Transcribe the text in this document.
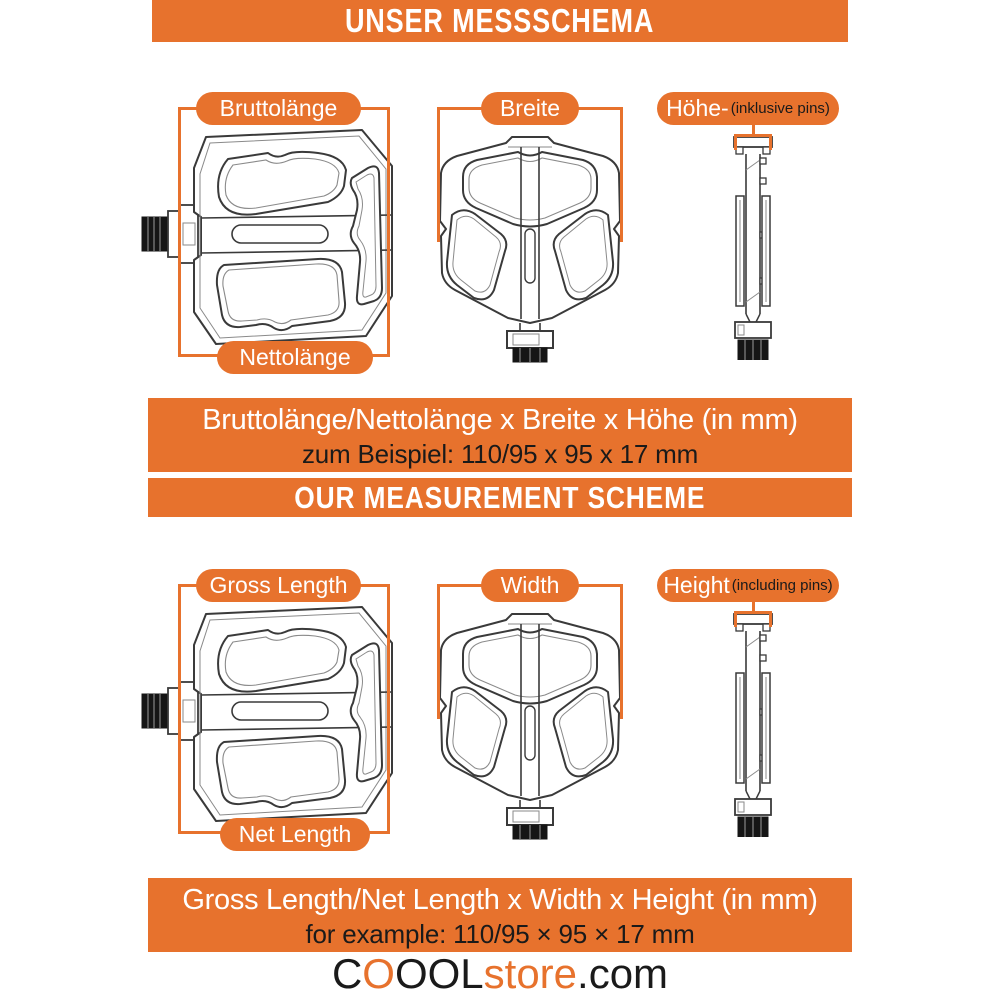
UNSER MESSSCHEMA
Bruttolänge
Nettolänge
Breite	Höhe- (inklusive pins)
Bruttolänge/Nettolänge x Breite x Höhe (in mm)
zum Beispiel: 110/95 x 95 x 17 mm
OUR MEASUREMENT SCHEME
Gross Length
Net Length
Width	Height (including pins)
Gross Length/Net Length x Width x Height (in mm)
for example: 110/95 × 95 × 17 mm
COOOLstore.com
